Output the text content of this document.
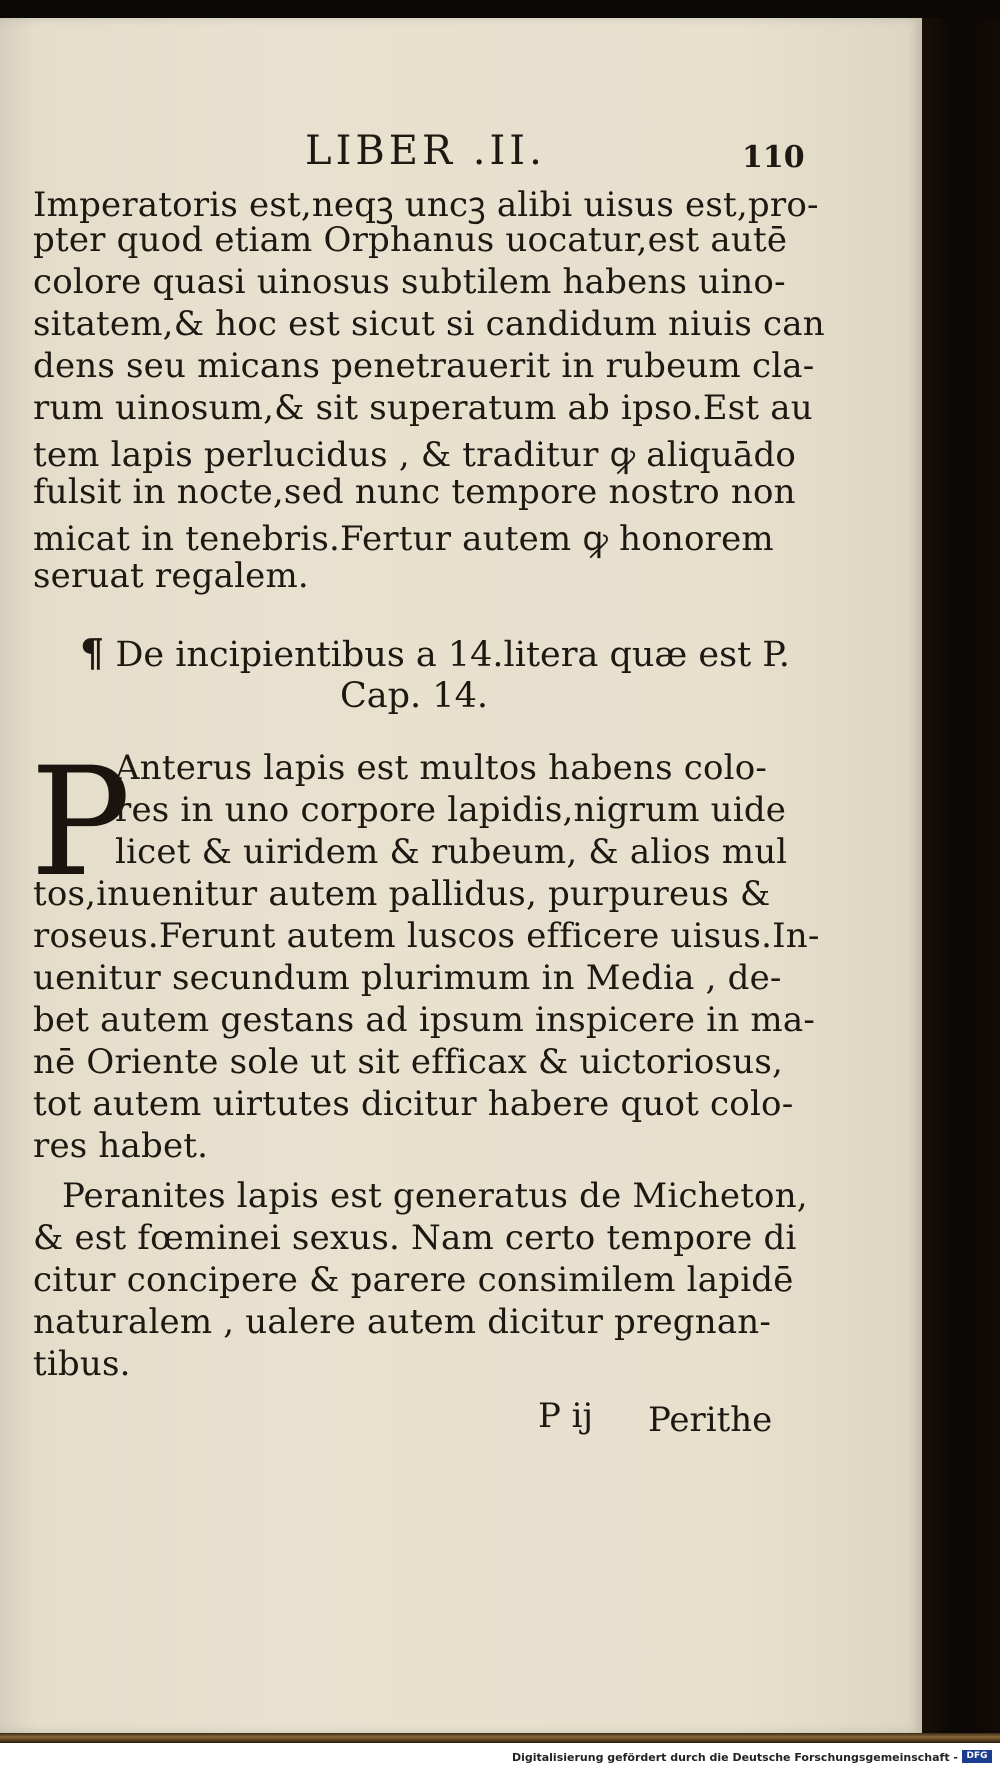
LIBER .II.	110
Imperatoris est,neqꝫ uncꝫ alibi uisus est,pro-
pter quod etiam Orphanus uocatur,est autē
colore quasi uinosus subtilem habens uino-
sitatem,& hoc est sicut si candidum niuis can
dens seu micans penetrauerit in rubeum cla-
rum uinosum,& sit superatum ab ipso.Est au
tem lapis perlucidus , & traditur ꝙ aliquādo
fulsit in nocte,sed nunc tempore nostro non
micat in tenebris.Fertur autem ꝙ honorem
seruat regalem.
¶ De incipientibus a 14.litera quæ est P.
Cap. 14.
P
Anterus lapis est multos habens colo-
res in uno corpore lapidis,nigrum uide
licet & uiridem & rubeum, & alios mul
tos,inuenitur autem pallidus, purpureus &
roseus.Ferunt autem luscos efficere uisus.In-
uenitur secundum plurimum in Media , de-
bet autem gestans ad ipsum inspicere in ma-
nē Oriente sole ut sit efficax & uictoriosus,
tot autem uirtutes dicitur habere quot colo-
res habet.
Peranites lapis est generatus de Micheton,
& est fœminei sexus. Nam certo tempore di
citur concipere & parere consimilem lapidē
naturalem , ualere autem dicitur pregnan-
tibus.
P ij Perithe
Digitalisierung gefördert durch die Deutsche Forschungsgemeinschaft - DFG
